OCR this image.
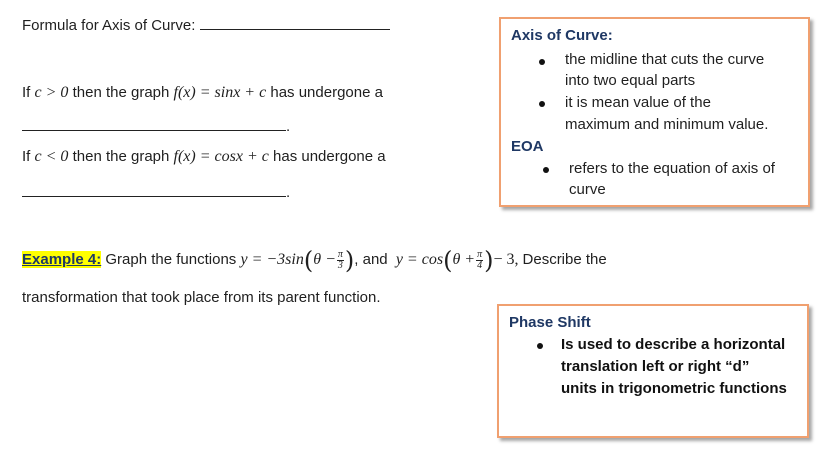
Formula for Axis of Curve:
If c > 0 then the graph f(x) = sinx + c has undergone a
.
If c < 0 then the graph f(x) = cosx + c has undergone a
.
Axis of Curve:
the midline that cuts the curve
into two equal parts
it is mean value of the
maximum and minimum value.
EOA
refers to the equation of axis of
curve
Example 4: Graph the functions $y = -3\sin(\theta - \frac{\pi}{3}$ ), and $y = \cos(\theta + \frac{\pi}{4}$ )− 3, Describe the
transformation that took place from its parent function.
Phase Shift
Is used to describe a horizontal
translation left or right “d”
units in trigonometric functions
